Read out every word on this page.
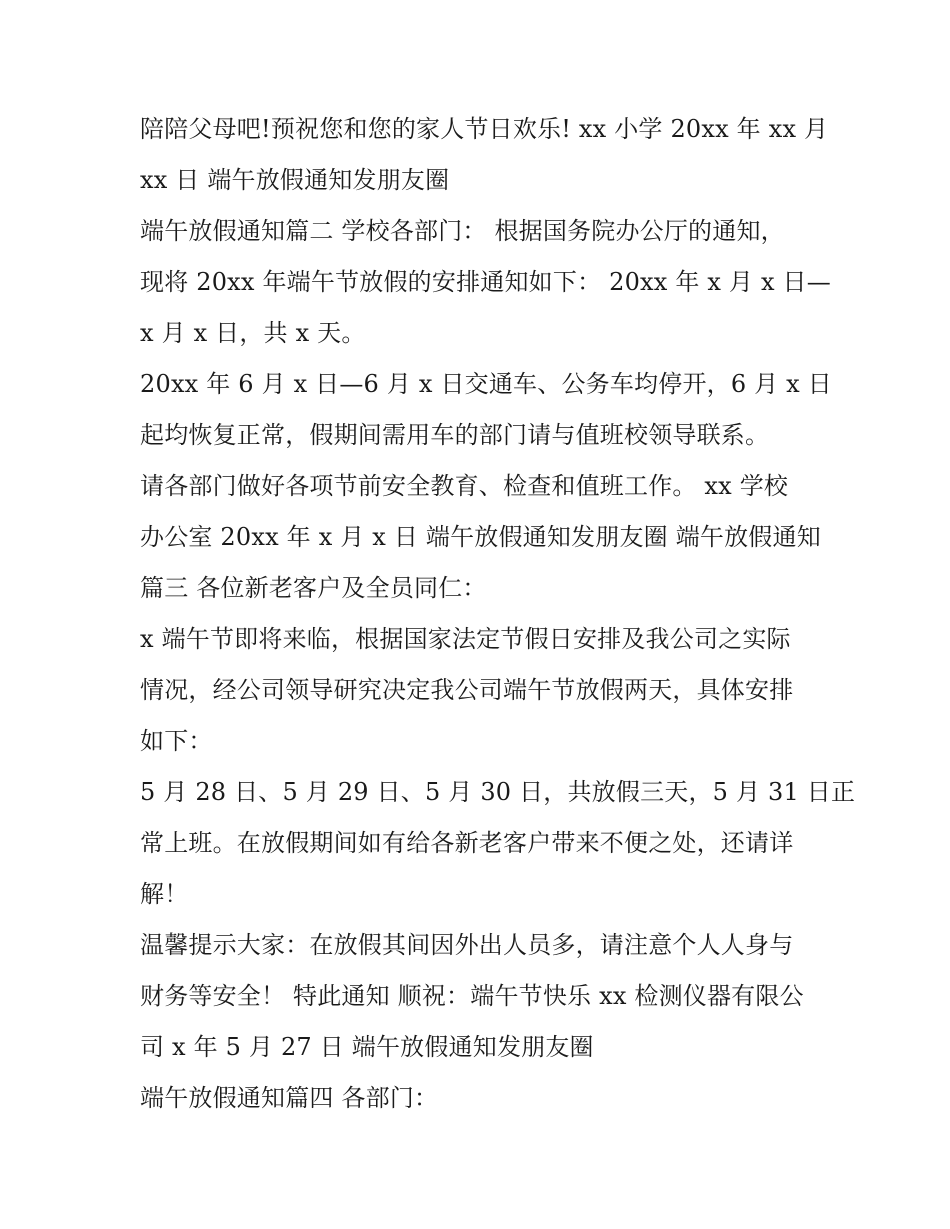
陪陪父母吧!预祝您和您的家人节日欢乐! xx 小学 20xx 年 xx 月
xx 日 端午放假通知发朋友圈
端午放假通知篇二 学校各部门： 根据国务院办公厅的通知，
现将 20xx 年端午节放假的安排通知如下： 20xx 年 x 月 x 日—
x 月 x 日，共 x 天。
20xx 年 6 月 x 日—6 月 x 日交通车、公务车均停开，6 月 x 日
起均恢复正常，假期间需用车的部门请与值班校领导联系。
请各部门做好各项节前安全教育、检查和值班工作。 xx 学校
办公室 20xx 年 x 月 x 日 端午放假通知发朋友圈 端午放假通知
篇三 各位新老客户及全员同仁：
x 端午节即将来临，根据国家法定节假日安排及我公司之实际
情况，经公司领导研究决定我公司端午节放假两天，具体安排
如下：
5 月 28 日、5 月 29 日、5 月 30 日，共放假三天，5 月 31 日正
常上班。在放假期间如有给各新老客户带来不便之处，还请详
解！
温馨提示大家：在放假其间因外出人员多，请注意个人人身与
财务等安全！ 特此通知 顺祝：端午节快乐 xx 检测仪器有限公
司 x 年 5 月 27 日 端午放假通知发朋友圈
端午放假通知篇四 各部门：
